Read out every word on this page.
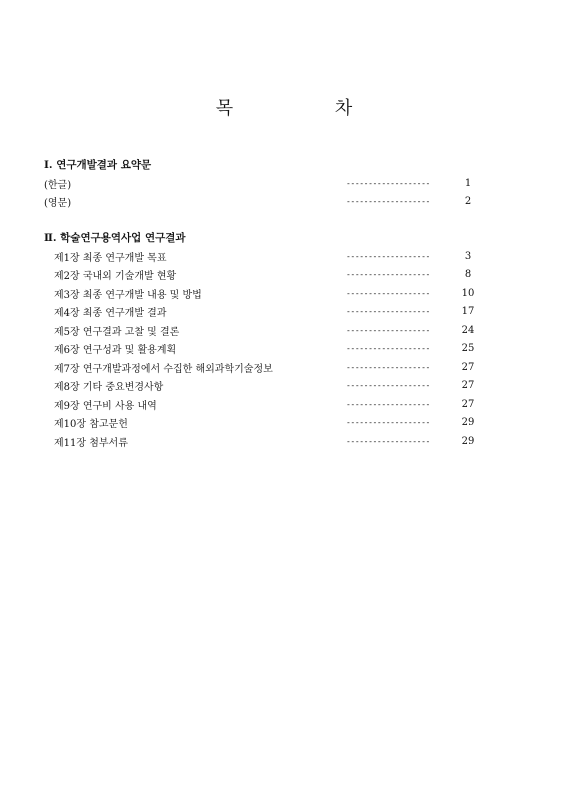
목 차
Ⅰ. 연구개발결과 요약문
(한글)	-------------------	1
(영문)	-------------------	2
Ⅱ. 학술연구용역사업 연구결과
제1장 최종 연구개발 목표	-------------------	3
제2장 국내외 기술개발 현황	-------------------	8
제3장 최종 연구개발 내용 및 방법	-------------------	10
제4장 최종 연구개발 결과	-------------------	17
제5장 연구결과 고찰 및 결론	-------------------	24
제6장 연구성과 및 활용계획	-------------------	25
제7장 연구개발과정에서 수집한 해외과학기술정보	-------------------	27
제8장 기타 중요변경사항	-------------------	27
제9장 연구비 사용 내역	-------------------	27
제10장 참고문헌	-------------------	29
제11장 첨부서류	-------------------	29
